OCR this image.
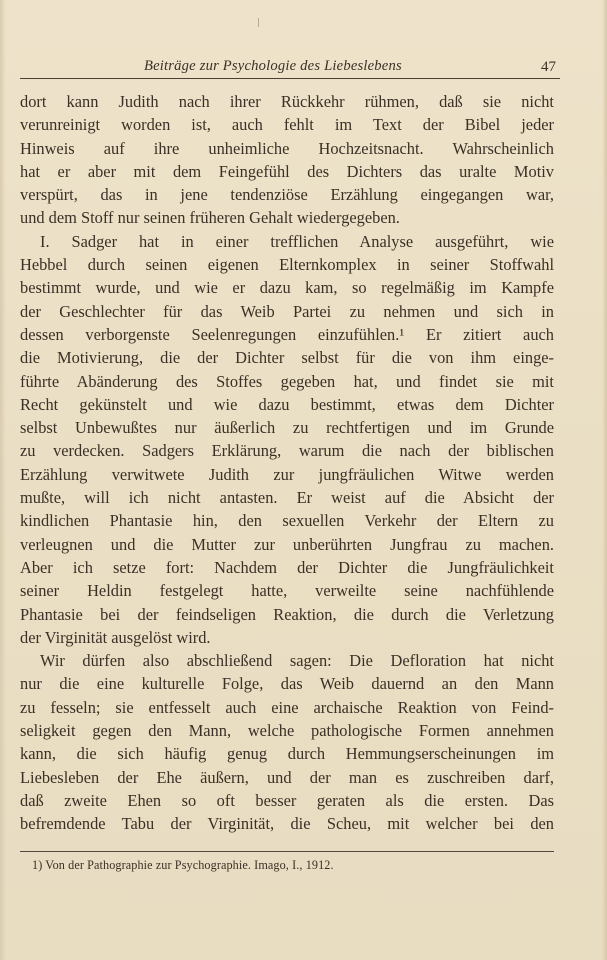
Beiträge zur Psychologie des Liebeslebens	47
dort kann Judith nach ihrer Rückkehr rühmen, daß sie nicht
verunreinigt worden ist, auch fehlt im Text der Bibel jeder
Hinweis auf ihre unheimliche Hochzeitsnacht. Wahrscheinlich
hat er aber mit dem Feingefühl des Dichters das uralte Motiv
verspürt, das in jene tendenziöse Erzählung eingegangen war,
und dem Stoff nur seinen früheren Gehalt wiedergegeben.
I. Sadger hat in einer trefflichen Analyse ausgeführt, wie
Hebbel durch seinen eigenen Elternkomplex in seiner Stoffwahl
bestimmt wurde, und wie er dazu kam, so regelmäßig im Kampfe
der Geschlechter für das Weib Partei zu nehmen und sich in
dessen verborgenste Seelenregungen einzufühlen.¹ Er zitiert auch
die Motivierung, die der Dichter selbst für die von ihm einge-
führte Abänderung des Stoffes gegeben hat, und findet sie mit
Recht gekünstelt und wie dazu bestimmt, etwas dem Dichter
selbst Unbewußtes nur äußerlich zu rechtfertigen und im Grunde
zu verdecken. Sadgers Erklärung, warum die nach der biblischen
Erzählung verwitwete Judith zur jungfräulichen Witwe werden
mußte, will ich nicht antasten. Er weist auf die Absicht der
kindlichen Phantasie hin, den sexuellen Verkehr der Eltern zu
verleugnen und die Mutter zur unberührten Jungfrau zu machen.
Aber ich setze fort: Nachdem der Dichter die Jungfräulichkeit
seiner Heldin festgelegt hatte, verweilte seine nachfühlende
Phantasie bei der feindseligen Reaktion, die durch die Verletzung
der Virginität ausgelöst wird.
Wir dürfen also abschließend sagen: Die Defloration hat nicht
nur die eine kulturelle Folge, das Weib dauernd an den Mann
zu fesseln; sie entfesselt auch eine archaische Reaktion von Feind-
seligkeit gegen den Mann, welche pathologische Formen annehmen
kann, die sich häufig genug durch Hemmungserscheinungen im
Liebesleben der Ehe äußern, und der man es zuschreiben darf,
daß zweite Ehen so oft besser geraten als die ersten. Das
befremdende Tabu der Virginität, die Scheu, mit welcher bei den
1) Von der Pathographie zur Psychographie. Imago, I., 1912.
